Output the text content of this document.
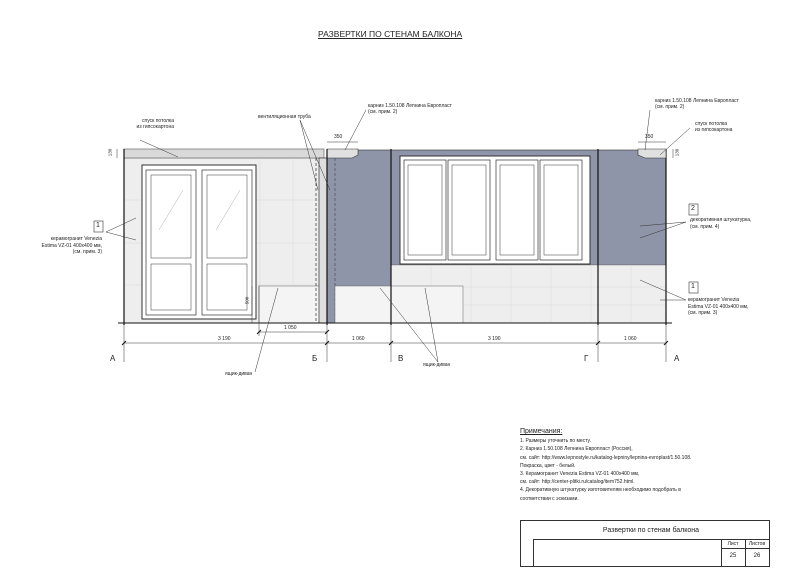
РАЗВЕРТКИ ПО СТЕНАМ БАЛКОНА
1
2
1
спуск потолка
из гипсокартона
вентиляционная труба
карниз 1.50.108 Лепнина Европласт
(см. прим. 2)
карниз 1.50.108 Лепнина Европласт
(см. прим. 2)
спуск потолка
из гипсокартона
керамогранит Venezia
Estima VZ-01 400х400 мм,
(см. прим. 3)
декоративная штукатурка,
(см. прим. 4)
керамогранит Venezia
Estima VZ-01 400х400 мм,
(см. прим. 3)
ящик-диван
ящик-диван
350	350
130	130
500
1 050
3 190	1 060	3 190	1 060
А	Б	В	Г	А
Примечания:
1. Размеры уточнить по месту.
2. Карниз 1.50.108 Лепнина Европласт (Россия),
см. сайт: http://www.lepnostyle.ru/katalog-lepniny/lepnina-evroplast/1.50.108.
Покраска, цвет - белый.
3. Керамогранит Venezia Estima VZ-01 400х400 мм,
см. сайт: http://center-plitki.ru/catalog/item752.html.
4. Декоративную штукатурку изготовителям необходимо подобрать в
соответствии с эскизами.
Развертки по стенам балкона
Лист	Листов
25	26
